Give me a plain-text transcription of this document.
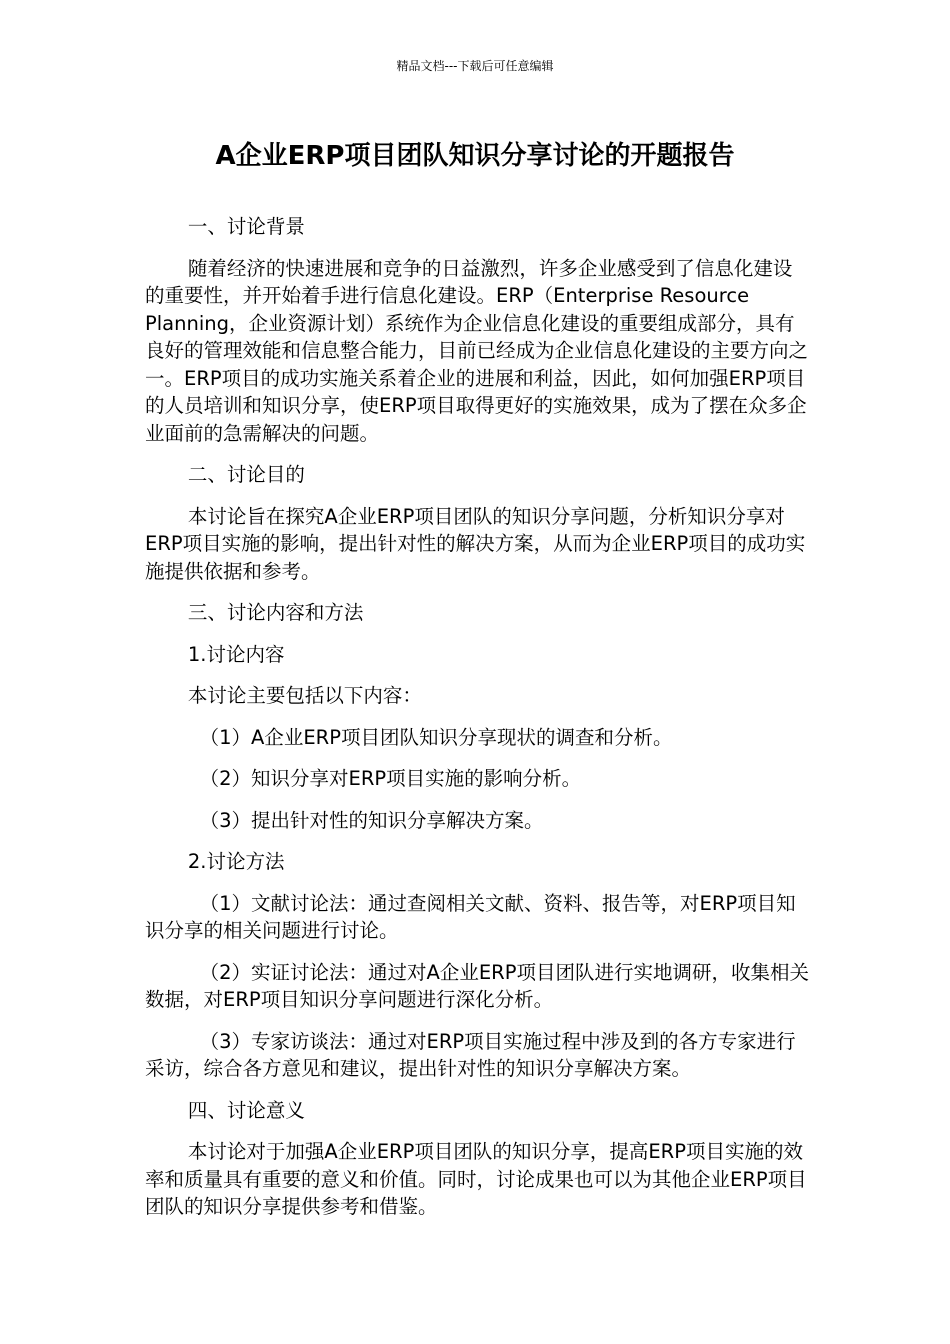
精品文档---下载后可任意编辑
A企业ERP项目团队知识分享讨论的开题报告

一、讨论背景

随着经济的快速进展和竞争的日益激烈，许多企业感受到了信息化建设的重要性，并开始着手进行信息化建设。ERP（Enterprise Resource Planning，企业资源计划）系统作为企业信息化建设的重要组成部分，具有良好的管理效能和信息整合能力，目前已经成为企业信息化建设的主要方向之一。ERP项目的成功实施关系着企业的进展和利益，因此，如何加强ERP项目的人员培训和知识分享，使ERP项目取得更好的实施效果，成为了摆在众多企业面前的急需解决的问题。

二、讨论目的

本讨论旨在探究A企业ERP项目团队的知识分享问题，分析知识分享对ERP项目实施的影响，提出针对性的解决方案，从而为企业ERP项目的成功实施提供依据和参考。

三、讨论内容和方法

1.讨论内容

本讨论主要包括以下内容：

（1）A企业ERP项目团队知识分享现状的调查和分析。

（2）知识分享对ERP项目实施的影响分析。

（3）提出针对性的知识分享解决方案。

2.讨论方法

（1）文献讨论法：通过查阅相关文献、资料、报告等，对ERP项目知识分享的相关问题进行讨论。

（2）实证讨论法：通过对A企业ERP项目团队进行实地调研，收集相关数据，对ERP项目知识分享问题进行深化分析。

（3）专家访谈法：通过对ERP项目实施过程中涉及到的各方专家进行采访，综合各方意见和建议，提出针对性的知识分享解决方案。

四、讨论意义

本讨论对于加强A企业ERP项目团队的知识分享，提高ERP项目实施的效率和质量具有重要的意义和价值。同时，讨论成果也可以为其他企业ERP项目团队的知识分享提供参考和借鉴。
